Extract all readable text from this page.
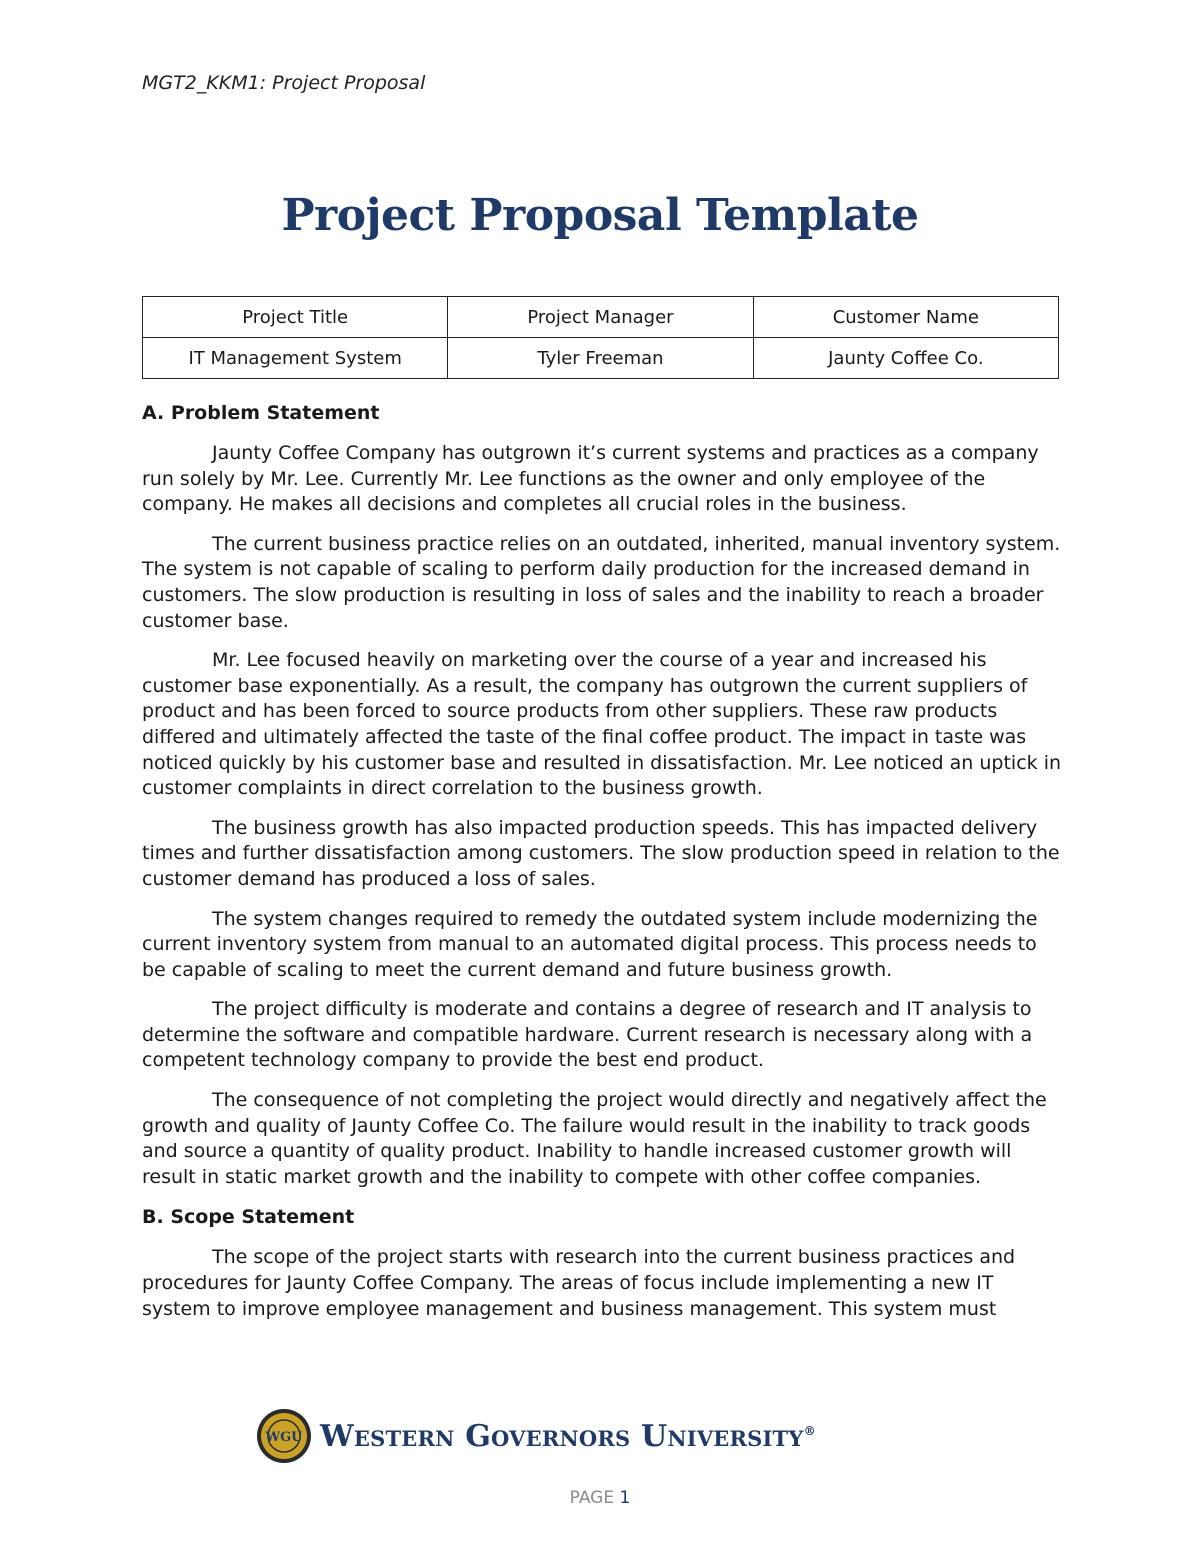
MGT2_KKM1: Project Proposal
Project Proposal Template
Project Title	Project Manager	Customer Name
IT Management System	Tyler Freeman	Jaunty Coffee Co.
A. Problem Statement

Jaunty Coffee Company has outgrown it’s current systems and practices as a company run solely by Mr. Lee. Currently Mr. Lee functions as the owner and only employee of the company. He makes all decisions and completes all crucial roles in the business.

The current business practice relies on an outdated, inherited, manual inventory system. The system is not capable of scaling to perform daily production for the increased demand in customers. The slow production is resulting in loss of sales and the inability to reach a broader customer base.

Mr. Lee focused heavily on marketing over the course of a year and increased his customer base exponentially. As a result, the company has outgrown the current suppliers of product and has been forced to source products from other suppliers. These raw products differed and ultimately affected the taste of the final coffee product. The impact in taste was noticed quickly by his customer base and resulted in dissatisfaction. Mr. Lee noticed an uptick in customer complaints in direct correlation to the business growth.

The business growth has also impacted production speeds. This has impacted delivery times and further dissatisfaction among customers. The slow production speed in relation to the customer demand has produced a loss of sales.

The system changes required to remedy the outdated system include modernizing the current inventory system from manual to an automated digital process. This process needs to be capable of scaling to meet the current demand and future business growth.

The project difficulty is moderate and contains a degree of research and IT analysis to determine the software and compatible hardware. Current research is necessary along with a competent technology company to provide the best end product.

The consequence of not completing the project would directly and negatively affect the growth and quality of Jaunty Coffee Co. The failure would result in the inability to track goods and source a quantity of quality product. Inability to handle increased customer growth will result in static market growth and the inability to compete with other coffee companies.

B. Scope Statement

The scope of the project starts with research into the current business practices and procedures for Jaunty Coffee Company. The areas of focus include implementing a new IT system to improve employee management and business management. This system must

WGU Western Governors University®
PAGE 1
